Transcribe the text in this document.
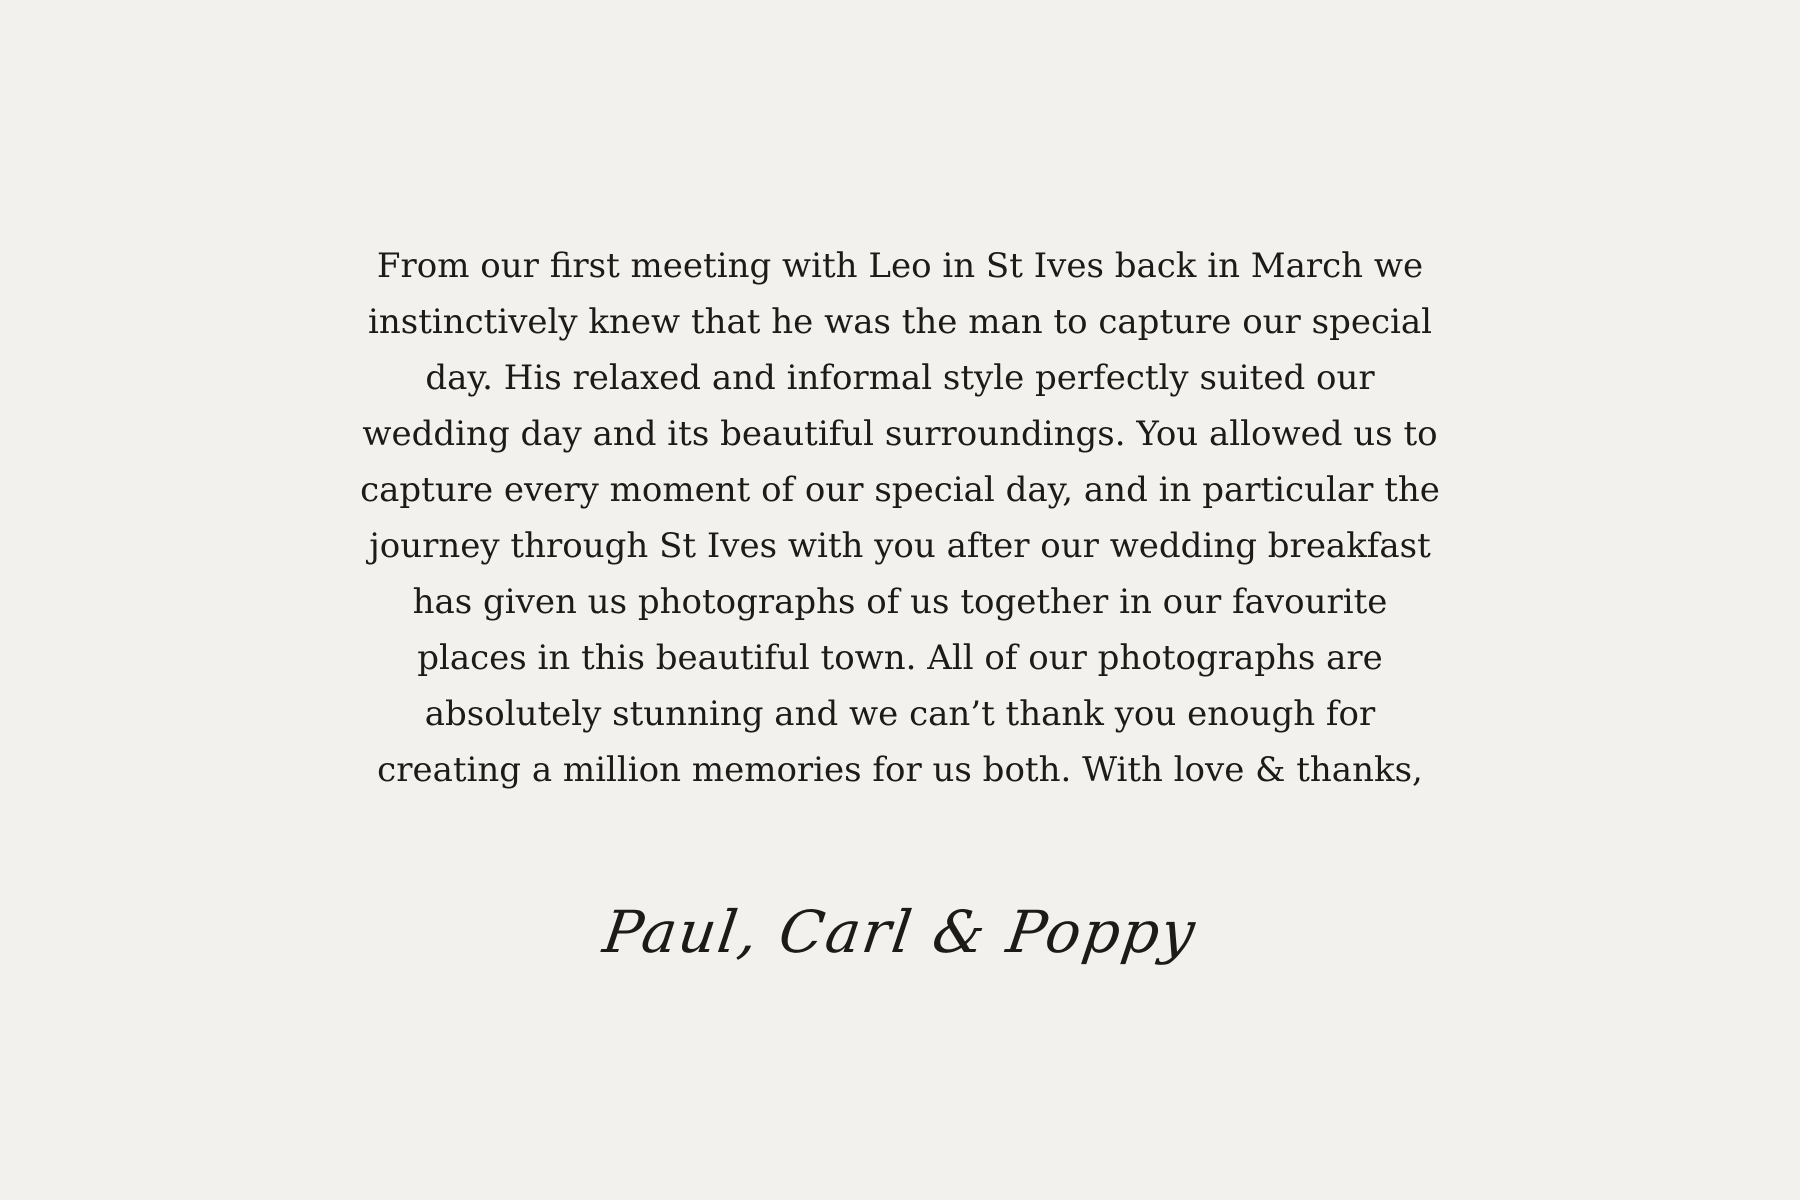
From our first meeting with Leo in St Ives back in March we instinctively knew that he was the man to capture our special day. His relaxed and informal style perfectly suited our wedding day and its beautiful surroundings. You allowed us to capture every moment of our special day, and in particular the journey through St Ives with you after our wedding breakfast has given us photographs of us together in our favourite places in this beautiful town. All of our photographs are absolutely stunning and we can’t thank you enough for creating a million memories for us both. With love & thanks,

Paul, Carl & Poppy
